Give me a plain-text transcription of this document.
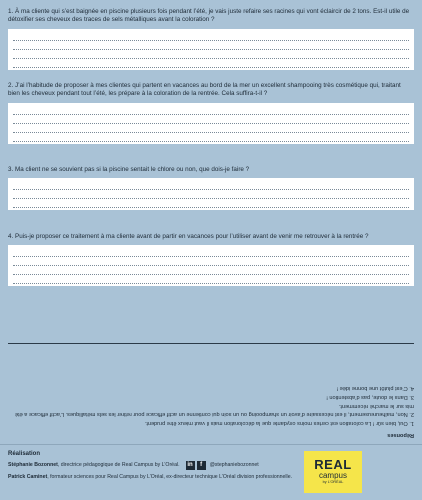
1. À ma cliente qui s’est baignée en piscine plusieurs fois pendant l’été, je vais juste refaire ses racines qui vont éclaircir de 2 tons. Est-il utile de détoxifier ses cheveux des traces de sels métalliques avant la coloration ?
2. J’ai l’habitude de proposer à mes clientes qui partent en vacances au bord de la mer un excellent shampooing très cosmétique qui, traitant bien les cheveux pendant tout l’été, les prépare à la coloration de la rentrée. Cela suffira-t-il ?
3. Ma client ne se souvient pas si la piscine sentait le chlore ou non, que dois-je faire ?
4. Puis-je proposer ce traitement à ma cliente avant de partir en vacances pour l’utiliser avant de venir me retrouver à la rentrée ?
Réponses
1. Oui, bien sûr ! La coloration est certes moins oxydante que la décoloration mais il vaut mieux être prudent.
2. Non, malheureusement, il est nécessaire d’avoir un shampooing ou un soin qui contienne un actif efficace pour retirer les sels métalliques. L’actif efficace a été mis sur le marché récemment.
3. Dans le doute, pas d’abstention !
4. C’est plutôt une bonne idée !
Réalisation
Stéphanie Bozonnet , directrice pédagogique de Real Campus by L’Oréal.	in	f	@stephaniebozonnet
Patrick Caminet , formateur sciences pour Real Campus by L’Oréal, ex-directeur technique L’Oréal division professionnelle.
REAL
campus
by L’ORÉAL
